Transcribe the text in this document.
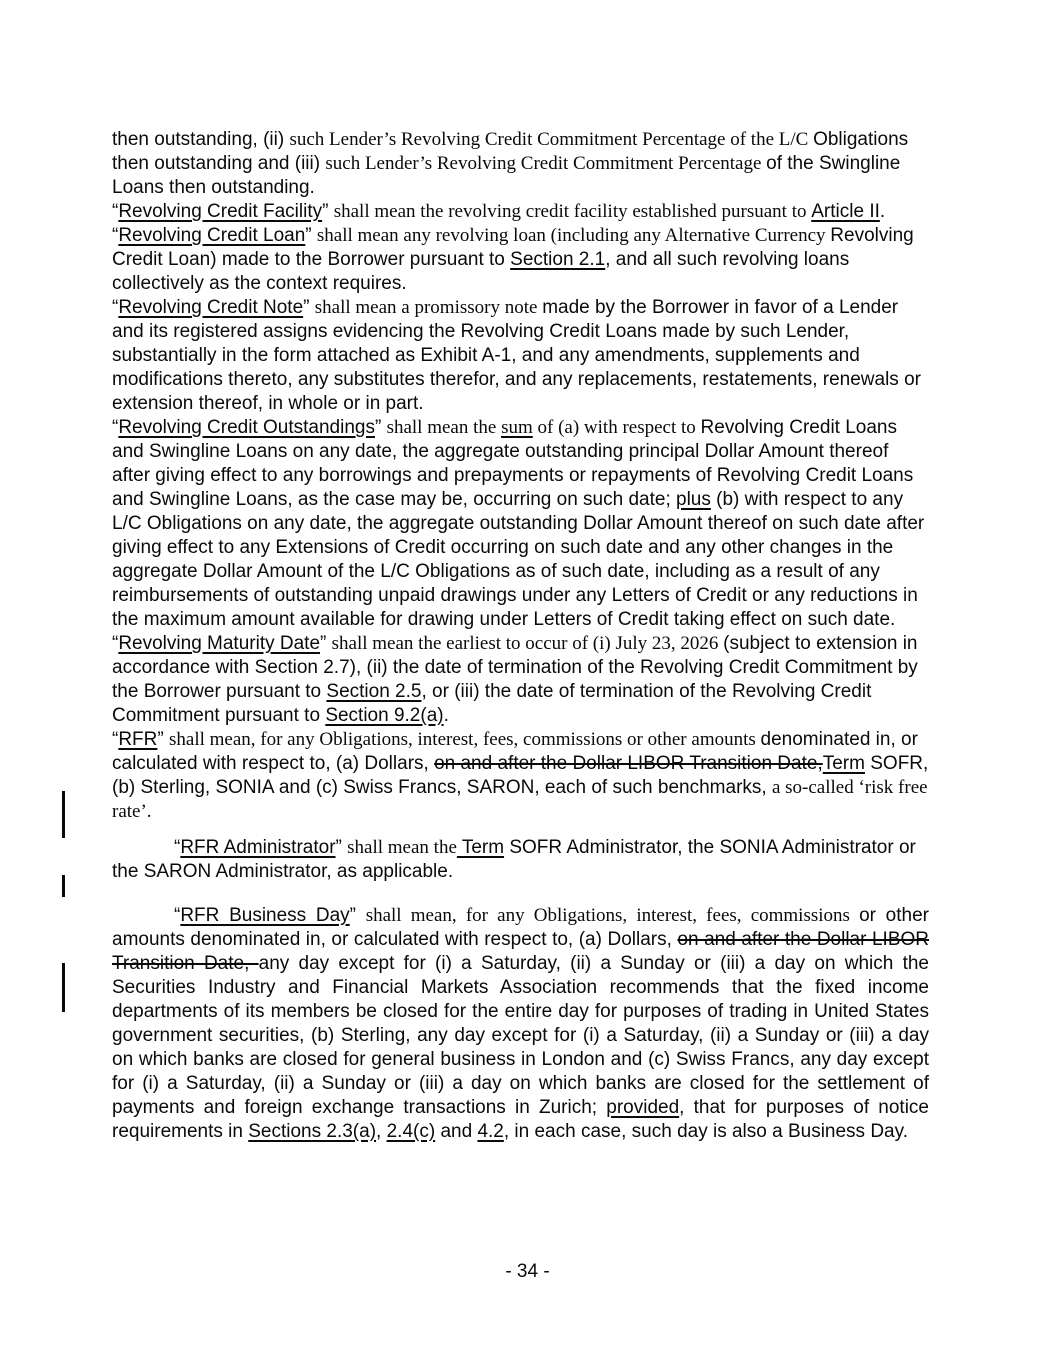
then outstanding, (ii) such Lender’s Revolving Credit Commitment Percentage of the L/C Obligations then outstanding and (iii) such Lender’s Revolving Credit Commitment Percentage of the Swingline Loans then outstanding.

“Revolving Credit Facility” shall mean the revolving credit facility established pursuant to Article II.

“Revolving Credit Loan” shall mean any revolving loan (including any Alternative Currency Revolving Credit Loan) made to the Borrower pursuant to Section 2.1, and all such revolving loans collectively as the context requires.

“Revolving Credit Note” shall mean a promissory note made by the Borrower in favor of a Lender and its registered assigns evidencing the Revolving Credit Loans made by such Lender, substantially in the form attached as Exhibit A-1, and any amendments, supplements and modifications thereto, any substitutes therefor, and any replacements, restatements, renewals or extension thereof, in whole or in part.

“Revolving Credit Outstandings” shall mean the sum of (a) with respect to Revolving Credit Loans and Swingline Loans on any date, the aggregate outstanding principal Dollar Amount thereof after giving effect to any borrowings and prepayments or repayments of Revolving Credit Loans and Swingline Loans, as the case may be, occurring on such date; plus (b) with respect to any L/C Obligations on any date, the aggregate outstanding Dollar Amount thereof on such date after giving effect to any Extensions of Credit occurring on such date and any other changes in the aggregate Dollar Amount of the L/C Obligations as of such date, including as a result of any reimbursements of outstanding unpaid drawings under any Letters of Credit or any reductions in the maximum amount available for drawing under Letters of Credit taking effect on such date.

“Revolving Maturity Date” shall mean the earliest to occur of (i) July 23, 2026 (subject to extension in accordance with Section 2.7), (ii) the date of termination of the Revolving Credit Commitment by the Borrower pursuant to Section 2.5, or (iii) the date of termination of the Revolving Credit Commitment pursuant to Section 9.2(a).

“RFR” shall mean, for any Obligations, interest, fees, commissions or other amounts denominated in, or calculated with respect to, (a) Dollars, on and after the Dollar LIBOR Transition Date,Term SOFR, (b) Sterling, SONIA and (c) Swiss Francs, SARON, each of such benchmarks, a so-called ‘risk free rate’.

“RFR Administrator” shall mean the Term SOFR Administrator, the SONIA Administrator or the SARON Administrator, as applicable.

“RFR Business Day” shall mean, for any Obligations, interest, fees, commissions or other amounts denominated in, or calculated with respect to, (a) Dollars, on and after the Dollar LIBOR Transition Date, any day except for (i) a Saturday, (ii) a Sunday or (iii) a day on which the Securities Industry and Financial Markets Association recommends that the fixed income departments of its members be closed for the entire day for purposes of trading in United States government securities, (b) Sterling, any day except for (i) a Saturday, (ii) a Sunday or (iii) a day on which banks are closed for general business in London and (c) Swiss Francs, any day except for (i) a Saturday, (ii) a Sunday or (iii) a day on which banks are closed for the settlement of payments and foreign exchange transactions in Zurich; provided, that for purposes of notice requirements in Sections 2.3(a), 2.4(c) and 4.2, in each case, such day is also a Business Day.

- 34 -
